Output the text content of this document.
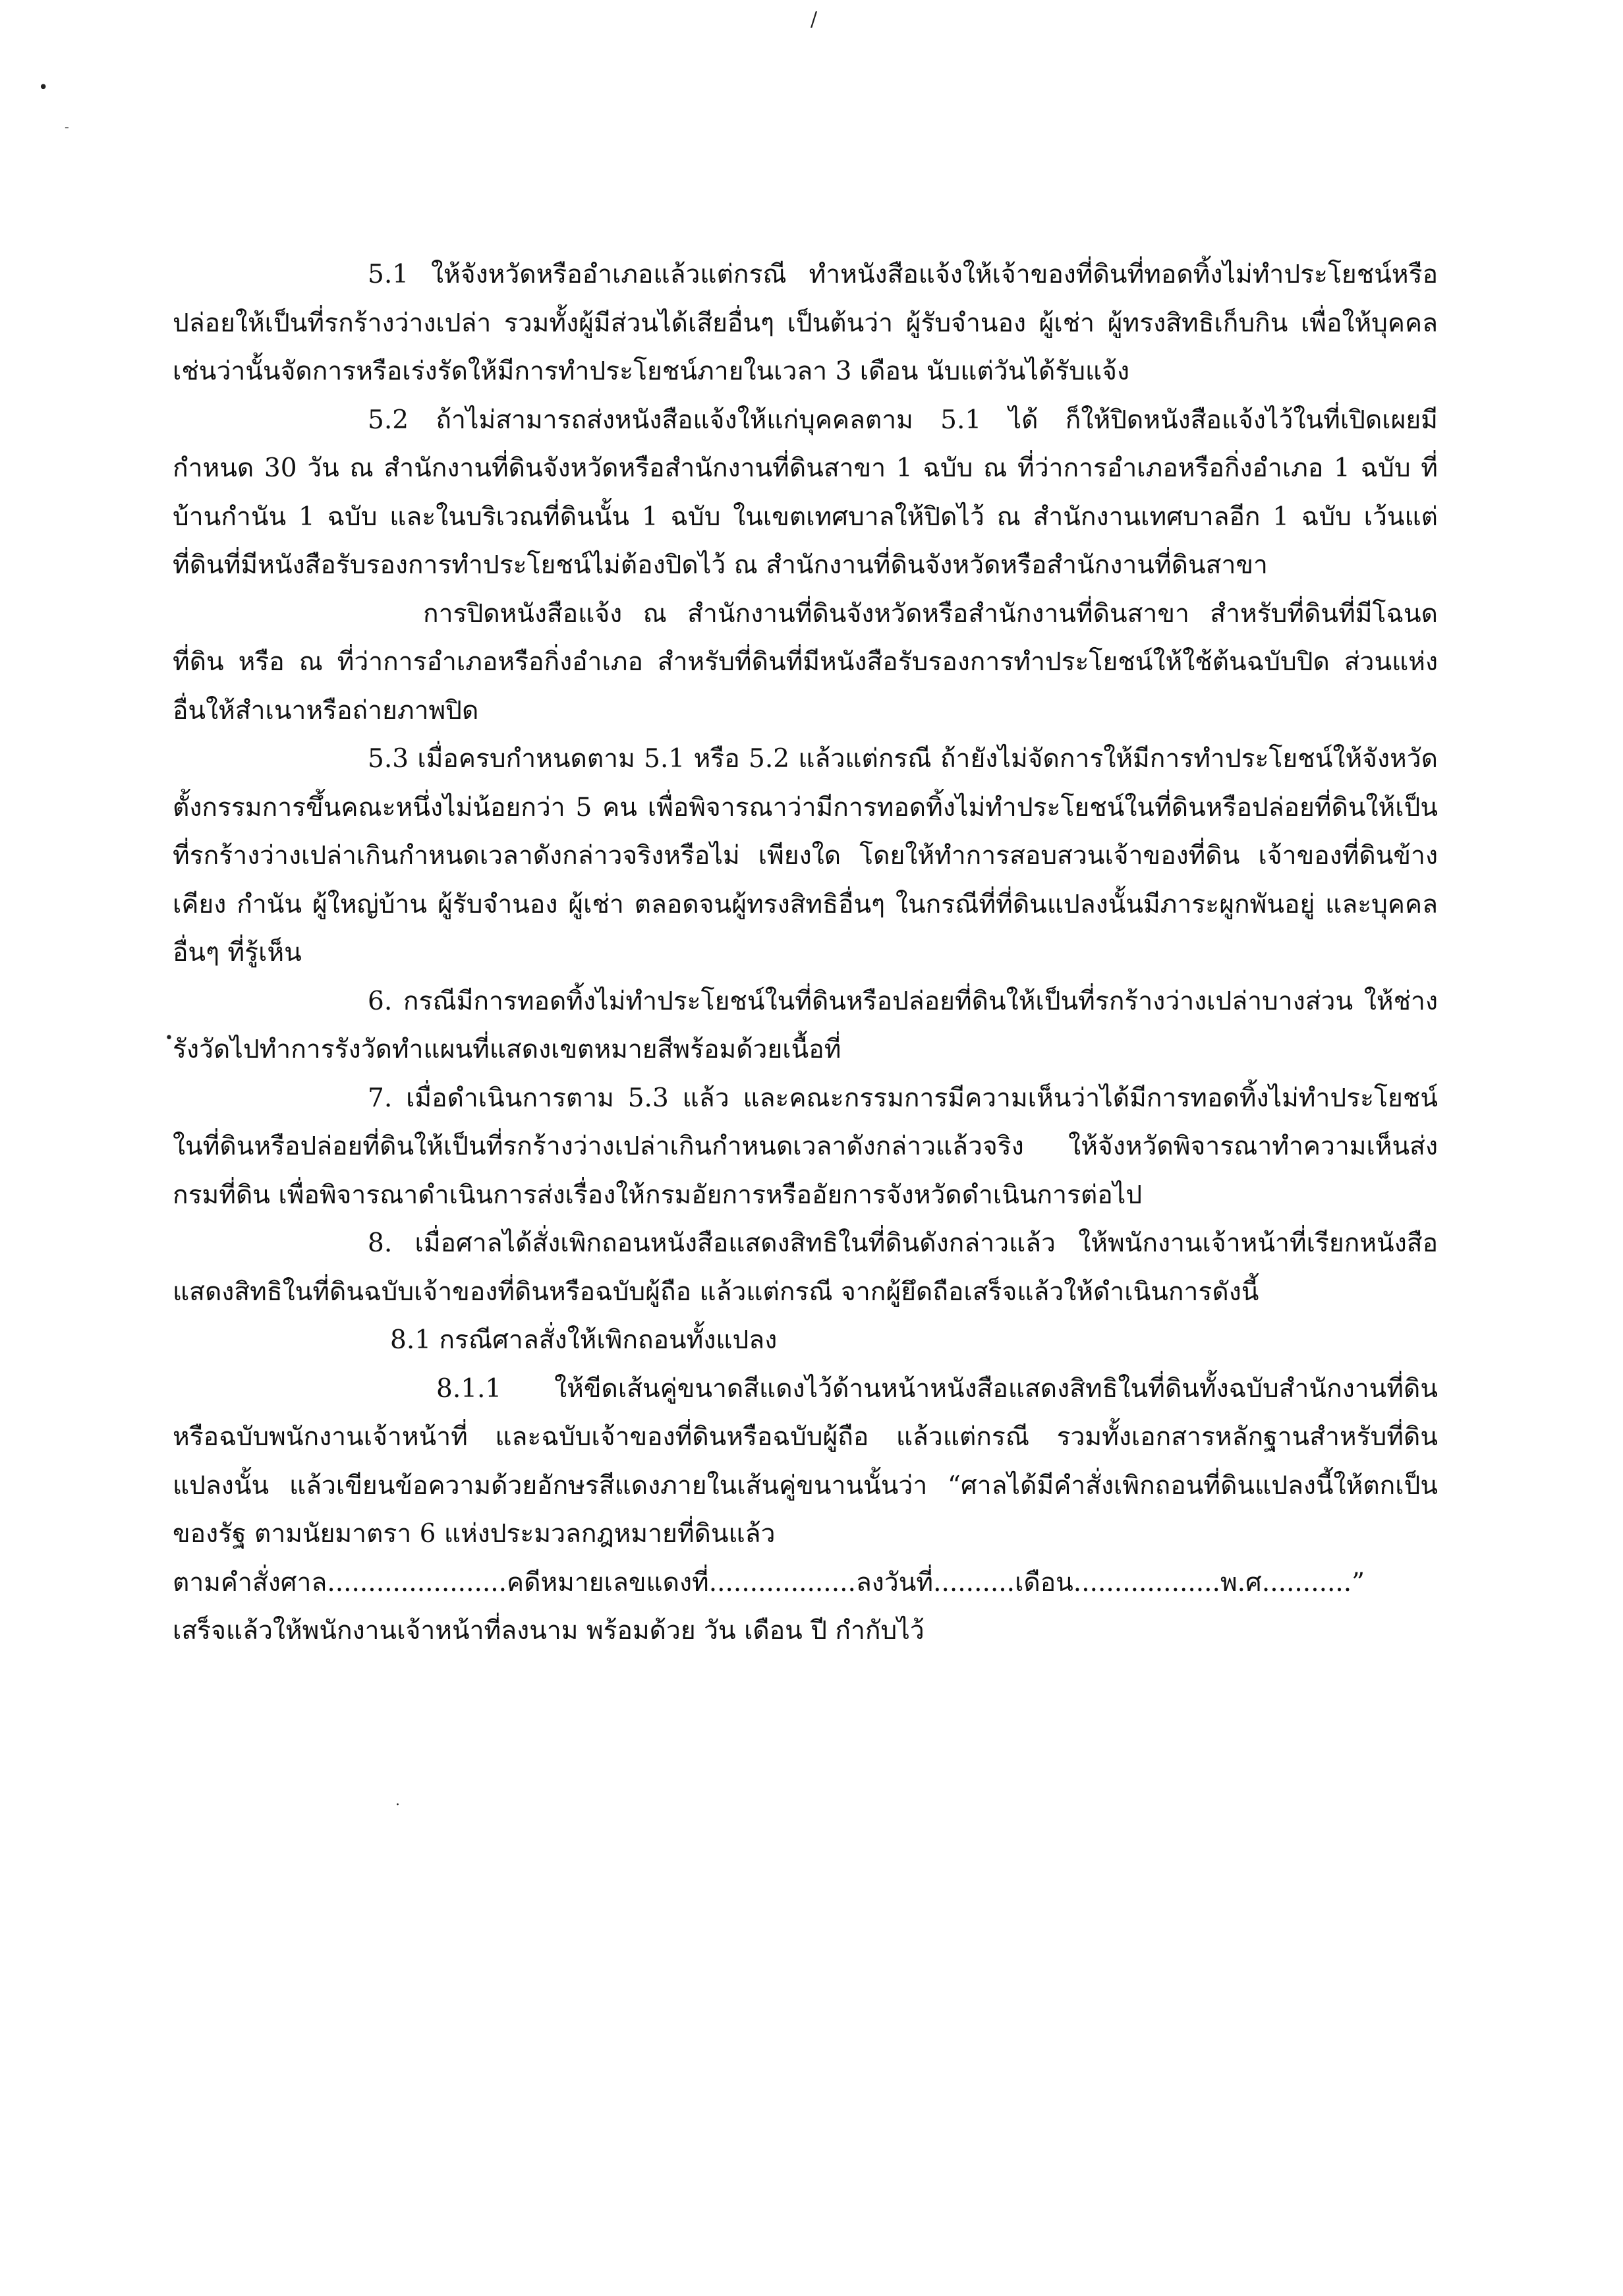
/
•
-
•
.

5.1 ให้จังหวัดหรืออำเภอแล้วแต่กรณี ทำหนังสือแจ้งให้เจ้าของที่ดินที่ทอดทิ้งไม่ทำประโยชน์หรือปล่อยให้เป็นที่รกร้างว่างเปล่า รวมทั้งผู้มีส่วนได้เสียอื่นๆ เป็นต้นว่า ผู้รับจำนอง ผู้เช่า ผู้ทรงสิทธิเก็บกิน เพื่อให้บุคคลเช่นว่านั้นจัดการหรือเร่งรัดให้มีการทำประโยชน์ภายในเวลา 3 เดือน นับแต่วันได้รับแจ้ง

5.2 ถ้าไม่สามารถส่งหนังสือแจ้งให้แก่บุคคลตาม 5.1 ได้ ก็ให้ปิดหนังสือแจ้งไว้ในที่เปิดเผยมีกำหนด 30 วัน ณ สำนักงานที่ดินจังหวัดหรือสำนักงานที่ดินสาขา 1 ฉบับ ณ ที่ว่าการอำเภอหรือกิ่งอำเภอ 1 ฉบับ ที่บ้านกำนัน 1 ฉบับ และในบริเวณที่ดินนั้น 1 ฉบับ ในเขตเทศบาลให้ปิดไว้ ณ สำนักงานเทศบาลอีก 1 ฉบับ เว้นแต่ที่ดินที่มีหนังสือรับรองการทำประโยชน์ไม่ต้องปิดไว้ ณ สำนักงานที่ดินจังหวัดหรือสำนักงานที่ดินสาขา

การปิดหนังสือแจ้ง ณ สำนักงานที่ดินจังหวัดหรือสำนักงานที่ดินสาขา สำหรับที่ดินที่มีโฉนดที่ดิน หรือ ณ ที่ว่าการอำเภอหรือกิ่งอำเภอ สำหรับที่ดินที่มีหนังสือรับรองการทำประโยชน์ให้ใช้ต้นฉบับปิด ส่วนแห่งอื่นให้สำเนาหรือถ่ายภาพปิด

5.3 เมื่อครบกำหนดตาม 5.1 หรือ 5.2 แล้วแต่กรณี ถ้ายังไม่จัดการให้มีการทำประโยชน์ให้จังหวัดตั้งกรรมการขึ้นคณะหนึ่งไม่น้อยกว่า 5 คน เพื่อพิจารณาว่ามีการทอดทิ้งไม่ทำประโยชน์ในที่ดินหรือปล่อยที่ดินให้เป็นที่รกร้างว่างเปล่าเกินกำหนดเวลาดังกล่าวจริงหรือไม่ เพียงใด โดยให้ทำการสอบสวนเจ้าของที่ดิน เจ้าของที่ดินข้างเคียง กำนัน ผู้ใหญ่บ้าน ผู้รับจำนอง ผู้เช่า ตลอดจนผู้ทรงสิทธิอื่นๆ ในกรณีที่ที่ดินแปลงนั้นมีภาระผูกพันอยู่ และบุคคลอื่นๆ ที่รู้เห็น

6. กรณีมีการทอดทิ้งไม่ทำประโยชน์ในที่ดินหรือปล่อยที่ดินให้เป็นที่รกร้างว่างเปล่าบางส่วน ให้ช่างรังวัดไปทำการรังวัดทำแผนที่แสดงเขตหมายสีพร้อมด้วยเนื้อที่

7. เมื่อดำเนินการตาม 5.3 แล้ว และคณะกรรมการมีความเห็นว่าได้มีการทอดทิ้งไม่ทำประโยชน์ในที่ดินหรือปล่อยที่ดินให้เป็นที่รกร้างว่างเปล่าเกินกำหนดเวลาดังกล่าวแล้วจริง ให้จังหวัดพิจารณาทำความเห็นส่งกรมที่ดิน เพื่อพิจารณาดำเนินการส่งเรื่องให้กรมอัยการหรืออัยการจังหวัดดำเนินการต่อไป

8. เมื่อศาลได้สั่งเพิกถอนหนังสือแสดงสิทธิในที่ดินดังกล่าวแล้ว ให้พนักงานเจ้าหน้าที่เรียกหนังสือแสดงสิทธิในที่ดินฉบับเจ้าของที่ดินหรือฉบับผู้ถือ แล้วแต่กรณี จากผู้ยึดถือเสร็จแล้วให้ดำเนินการดังนี้

8.1 กรณีศาลสั่งให้เพิกถอนทั้งแปลง

8.1.1 ให้ขีดเส้นคู่ขนาดสีแดงไว้ด้านหน้าหนังสือแสดงสิทธิในที่ดินทั้งฉบับสำนักงานที่ดินหรือฉบับพนักงานเจ้าหน้าที่ และฉบับเจ้าของที่ดินหรือฉบับผู้ถือ แล้วแต่กรณี รวมทั้งเอกสารหลักฐานสำหรับที่ดินแปลงนั้น แล้วเขียนข้อความด้วยอักษรสีแดงภายในเส้นคู่ขนานนั้นว่า “ศาลได้มีคำสั่งเพิกถอนที่ดินแปลงนี้ให้ตกเป็นของรัฐ ตามนัยมาตรา 6 แห่งประมวลกฎหมายที่ดินแล้ว

ตามคำสั่งศาล......................คดีหมายเลขแดงที่..................ลงวันที่..........เดือน..................พ.ศ...........”

เสร็จแล้วให้พนักงานเจ้าหน้าที่ลงนาม พร้อมด้วย วัน เดือน ปี กำกับไว้
